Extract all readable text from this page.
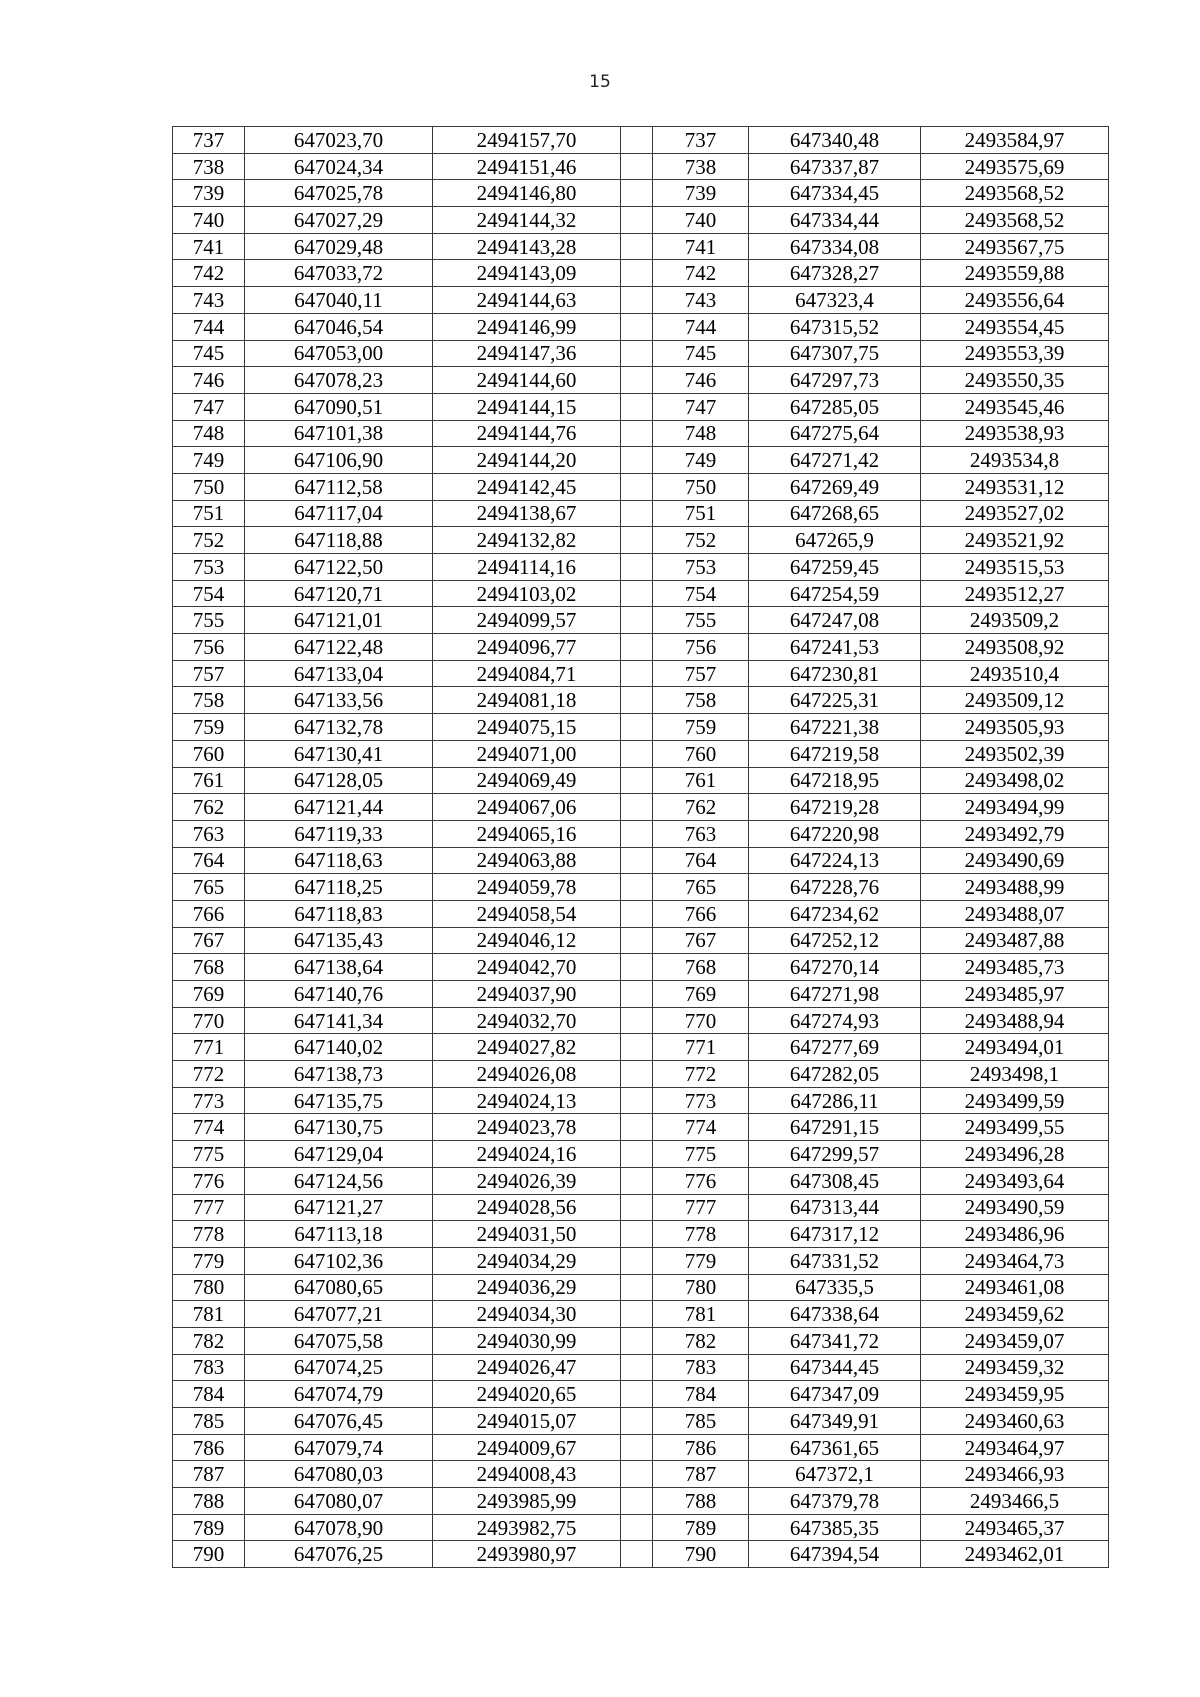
15
737	647023,70	2494157,70		737	647340,48	2493584,97
738	647024,34	2494151,46		738	647337,87	2493575,69
739	647025,78	2494146,80		739	647334,45	2493568,52
740	647027,29	2494144,32		740	647334,44	2493568,52
741	647029,48	2494143,28		741	647334,08	2493567,75
742	647033,72	2494143,09		742	647328,27	2493559,88
743	647040,11	2494144,63		743	647323,4	2493556,64
744	647046,54	2494146,99		744	647315,52	2493554,45
745	647053,00	2494147,36		745	647307,75	2493553,39
746	647078,23	2494144,60		746	647297,73	2493550,35
747	647090,51	2494144,15		747	647285,05	2493545,46
748	647101,38	2494144,76		748	647275,64	2493538,93
749	647106,90	2494144,20		749	647271,42	2493534,8
750	647112,58	2494142,45		750	647269,49	2493531,12
751	647117,04	2494138,67		751	647268,65	2493527,02
752	647118,88	2494132,82		752	647265,9	2493521,92
753	647122,50	2494114,16		753	647259,45	2493515,53
754	647120,71	2494103,02		754	647254,59	2493512,27
755	647121,01	2494099,57		755	647247,08	2493509,2
756	647122,48	2494096,77		756	647241,53	2493508,92
757	647133,04	2494084,71		757	647230,81	2493510,4
758	647133,56	2494081,18		758	647225,31	2493509,12
759	647132,78	2494075,15		759	647221,38	2493505,93
760	647130,41	2494071,00		760	647219,58	2493502,39
761	647128,05	2494069,49		761	647218,95	2493498,02
762	647121,44	2494067,06		762	647219,28	2493494,99
763	647119,33	2494065,16		763	647220,98	2493492,79
764	647118,63	2494063,88		764	647224,13	2493490,69
765	647118,25	2494059,78		765	647228,76	2493488,99
766	647118,83	2494058,54		766	647234,62	2493488,07
767	647135,43	2494046,12		767	647252,12	2493487,88
768	647138,64	2494042,70		768	647270,14	2493485,73
769	647140,76	2494037,90		769	647271,98	2493485,97
770	647141,34	2494032,70		770	647274,93	2493488,94
771	647140,02	2494027,82		771	647277,69	2493494,01
772	647138,73	2494026,08		772	647282,05	2493498,1
773	647135,75	2494024,13		773	647286,11	2493499,59
774	647130,75	2494023,78		774	647291,15	2493499,55
775	647129,04	2494024,16		775	647299,57	2493496,28
776	647124,56	2494026,39		776	647308,45	2493493,64
777	647121,27	2494028,56		777	647313,44	2493490,59
778	647113,18	2494031,50		778	647317,12	2493486,96
779	647102,36	2494034,29		779	647331,52	2493464,73
780	647080,65	2494036,29		780	647335,5	2493461,08
781	647077,21	2494034,30		781	647338,64	2493459,62
782	647075,58	2494030,99		782	647341,72	2493459,07
783	647074,25	2494026,47		783	647344,45	2493459,32
784	647074,79	2494020,65		784	647347,09	2493459,95
785	647076,45	2494015,07		785	647349,91	2493460,63
786	647079,74	2494009,67		786	647361,65	2493464,97
787	647080,03	2494008,43		787	647372,1	2493466,93
788	647080,07	2493985,99		788	647379,78	2493466,5
789	647078,90	2493982,75		789	647385,35	2493465,37
790	647076,25	2493980,97		790	647394,54	2493462,01
